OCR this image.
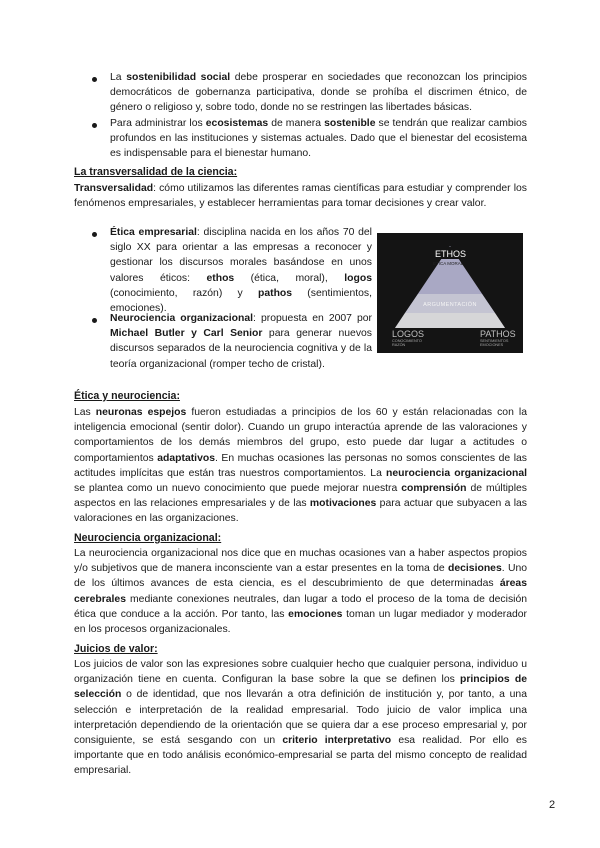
La sostenibilidad social debe prosperar en sociedades que reconozcan los principios democráticos de gobernanza participativa, donde se prohíba el discrimen étnico, de género o religioso y, sobre todo, donde no se restringen las libertades básicas.

Para administrar los ecosistemas de manera sostenible se tendrán que realizar cambios profundos en las instituciones y sistemas actuales. Dado que el bienestar del ecosistema es indispensable para el bienestar humano.

La transversalidad de la ciencia:

Transversalidad: cómo utilizamos las diferentes ramas científicas para estudiar y comprender los fenómenos empresariales, y establecer herramientas para tomar decisiones y crear valor.

Ética empresarial: disciplina nacida en los años 70 del siglo XX para orientar a las empresas a reconocer y gestionar los discursos morales basándose en unos valores éticos: ethos (ética, moral), logos (conocimiento, razón) y pathos (sentimientos, emociones).

Neurociencia organizacional: propuesta en 2007 por Michael Butler y Carl Senior para generar nuevos discursos separados de la neurociencia cognitiva y de la teoría organizacional (romper techo de cristal).

ETHOS
ETICA MORAL
ARGUMENTACIÓN
LOGOS
CONOCIMIENTO
RAZÓN
PATHOS
SENTIMIENTOS
EMOCIONES
Ética y neurociencia:

Las neuronas espejos fueron estudiadas a principios de los 60 y están relacionadas con la inteligencia emocional (sentir dolor). Cuando un grupo interactúa aprende de las valoraciones y comportamientos de los demás miembros del grupo, esto puede dar lugar a actitudes o comportamientos adaptativos. En muchas ocasiones las personas no somos conscientes de las actitudes implícitas que están tras nuestros comportamientos. La neurociencia organizacional se plantea como un nuevo conocimiento que puede mejorar nuestra comprensión de múltiples aspectos en las relaciones empresariales y de las motivaciones para actuar que subyacen a las valoraciones en las organizaciones.

Neurociencia organizacional:

La neurociencia organizacional nos dice que en muchas ocasiones van a haber aspectos propios y/o subjetivos que de manera inconsciente van a estar presentes en la toma de decisiones. Uno de los últimos avances de esta ciencia, es el descubrimiento de que determinadas áreas cerebrales mediante conexiones neutrales, dan lugar a todo el proceso de la toma de decisión ética que conduce a la acción. Por tanto, las emociones toman un lugar mediador y moderador en los procesos organizacionales.

Juicios de valor:

Los juicios de valor son las expresiones sobre cualquier hecho que cualquier persona, individuo u organización tiene en cuenta. Configuran la base sobre la que se definen los principios de selección o de identidad, que nos llevarán a otra definición de institución y, por tanto, a una selección e interpretación de la realidad empresarial. Todo juicio de valor implica una interpretación dependiendo de la orientación que se quiera dar a ese proceso empresarial y, por consiguiente, se está sesgando con un criterio interpretativo esa realidad. Por ello es importante que en todo análisis económico-empresarial se parta del mismo concepto de realidad empresarial.

2
